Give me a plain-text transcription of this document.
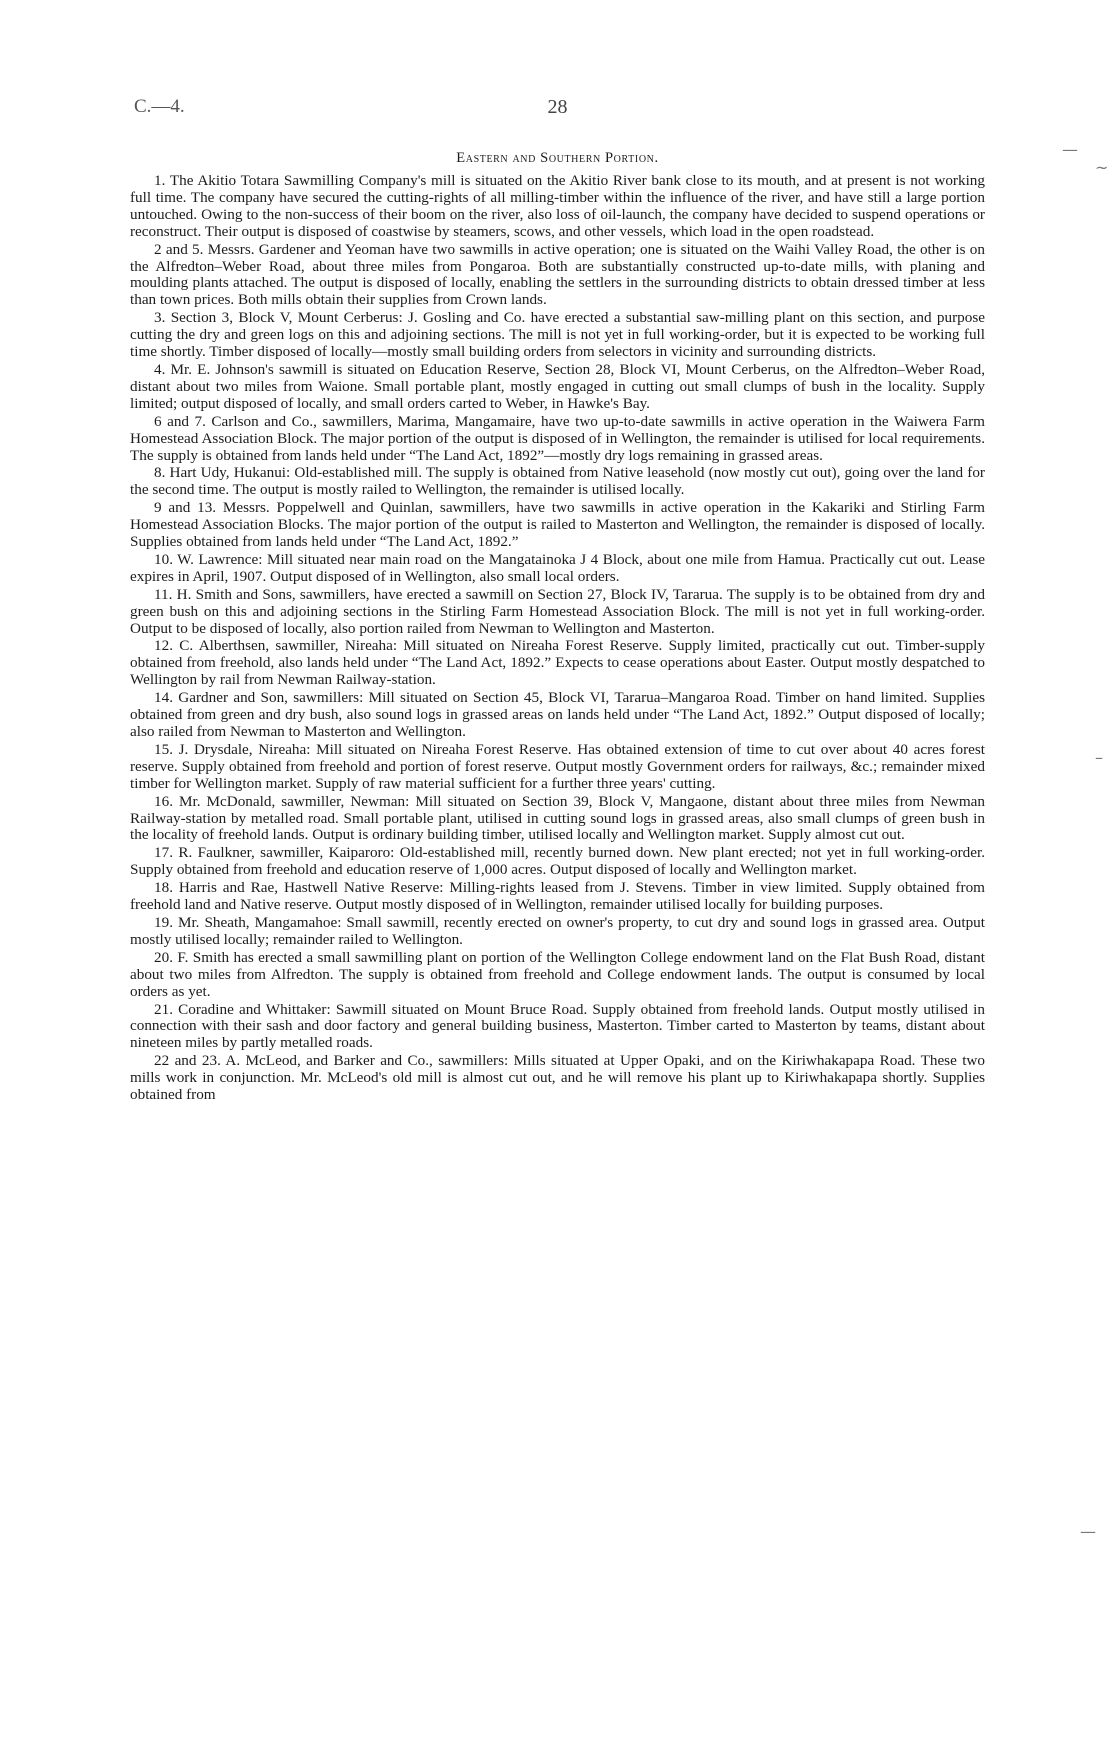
C.—4.	28
Eastern and Southern Portion.

1. The Akitio Totara Sawmilling Company's mill is situated on the Akitio River bank close to its mouth, and at present is not working full time. The company have secured the cutting-rights of all milling-timber within the influence of the river, and have still a large portion untouched. Owing to the non-success of their boom on the river, also loss of oil-launch, the company have decided to suspend operations or reconstruct. Their output is disposed of coastwise by steamers, scows, and other vessels, which load in the open roadstead.

2 and 5. Messrs. Gardener and Yeoman have two sawmills in active operation; one is situated on the Waihi Valley Road, the other is on the Alfredton–Weber Road, about three miles from Pongaroa. Both are substantially constructed up-to-date mills, with planing and moulding plants attached. The output is disposed of locally, enabling the settlers in the surrounding districts to obtain dressed timber at less than town prices. Both mills obtain their supplies from Crown lands.

3. Section 3, Block V, Mount Cerberus: J. Gosling and Co. have erected a substantial saw-milling plant on this section, and purpose cutting the dry and green logs on this and adjoining sections. The mill is not yet in full working-order, but it is expected to be working full time shortly. Timber disposed of locally—mostly small building orders from selectors in vicinity and surrounding districts.

4. Mr. E. Johnson's sawmill is situated on Education Reserve, Section 28, Block VI, Mount Cerberus, on the Alfredton–Weber Road, distant about two miles from Waione. Small portable plant, mostly engaged in cutting out small clumps of bush in the locality. Supply limited; output disposed of locally, and small orders carted to Weber, in Hawke's Bay.

6 and 7. Carlson and Co., sawmillers, Marima, Mangamaire, have two up-to-date sawmills in active operation in the Waiwera Farm Homestead Association Block. The major portion of the output is disposed of in Wellington, the remainder is utilised for local requirements. The supply is obtained from lands held under “The Land Act, 1892”—mostly dry logs remaining in grassed areas.

8. Hart Udy, Hukanui: Old-established mill. The supply is obtained from Native leasehold (now mostly cut out), going over the land for the second time. The output is mostly railed to Wellington, the remainder is utilised locally.

9 and 13. Messrs. Poppelwell and Quinlan, sawmillers, have two sawmills in active operation in the Kakariki and Stirling Farm Homestead Association Blocks. The major portion of the output is railed to Masterton and Wellington, the remainder is disposed of locally. Supplies obtained from lands held under “The Land Act, 1892.”

10. W. Lawrence: Mill situated near main road on the Mangatainoka J 4 Block, about one mile from Hamua. Practically cut out. Lease expires in April, 1907. Output disposed of in Wellington, also small local orders.

11. H. Smith and Sons, sawmillers, have erected a sawmill on Section 27, Block IV, Tararua. The supply is to be obtained from dry and green bush on this and adjoining sections in the Stirling Farm Homestead Association Block. The mill is not yet in full working-order. Output to be disposed of locally, also portion railed from Newman to Wellington and Masterton.

12. C. Alberthsen, sawmiller, Nireaha: Mill situated on Nireaha Forest Reserve. Supply limited, practically cut out. Timber-supply obtained from freehold, also lands held under “The Land Act, 1892.” Expects to cease operations about Easter. Output mostly despatched to Wellington by rail from Newman Railway-station.

14. Gardner and Son, sawmillers: Mill situated on Section 45, Block VI, Tararua–Mangaroa Road. Timber on hand limited. Supplies obtained from green and dry bush, also sound logs in grassed areas on lands held under “The Land Act, 1892.” Output disposed of locally; also railed from Newman to Masterton and Wellington.

15. J. Drysdale, Nireaha: Mill situated on Nireaha Forest Reserve. Has obtained extension of time to cut over about 40 acres forest reserve. Supply obtained from freehold and portion of forest reserve. Output mostly Government orders for railways, &c.; remainder mixed timber for Wellington market. Supply of raw material sufficient for a further three years' cutting.

16. Mr. McDonald, sawmiller, Newman: Mill situated on Section 39, Block V, Mangaone, distant about three miles from Newman Railway-station by metalled road. Small portable plant, utilised in cutting sound logs in grassed areas, also small clumps of green bush in the locality of freehold lands. Output is ordinary building timber, utilised locally and Wellington market. Supply almost cut out.

17. R. Faulkner, sawmiller, Kaiparoro: Old-established mill, recently burned down. New plant erected; not yet in full working-order. Supply obtained from freehold and education reserve of 1,000 acres. Output disposed of locally and Wellington market.

18. Harris and Rae, Hastwell Native Reserve: Milling-rights leased from J. Stevens. Timber in view limited. Supply obtained from freehold land and Native reserve. Output mostly disposed of in Wellington, remainder utilised locally for building purposes.

19. Mr. Sheath, Mangamahoe: Small sawmill, recently erected on owner's property, to cut dry and sound logs in grassed area. Output mostly utilised locally; remainder railed to Wellington.

20. F. Smith has erected a small sawmilling plant on portion of the Wellington College endowment land on the Flat Bush Road, distant about two miles from Alfredton. The supply is obtained from freehold and College endowment lands. The output is consumed by local orders as yet.

21. Coradine and Whittaker: Sawmill situated on Mount Bruce Road. Supply obtained from freehold lands. Output mostly utilised in connection with their sash and door factory and general building business, Masterton. Timber carted to Masterton by teams, distant about nineteen miles by partly metalled roads.

22 and 23. A. McLeod, and Barker and Co., sawmillers: Mills situated at Upper Opaki, and on the Kiriwhakapapa Road. These two mills work in conjunction. Mr. McLeod's old mill is almost cut out, and he will remove his plant up to Kiriwhakapapa shortly. Supplies obtained from

—
~
–
—
